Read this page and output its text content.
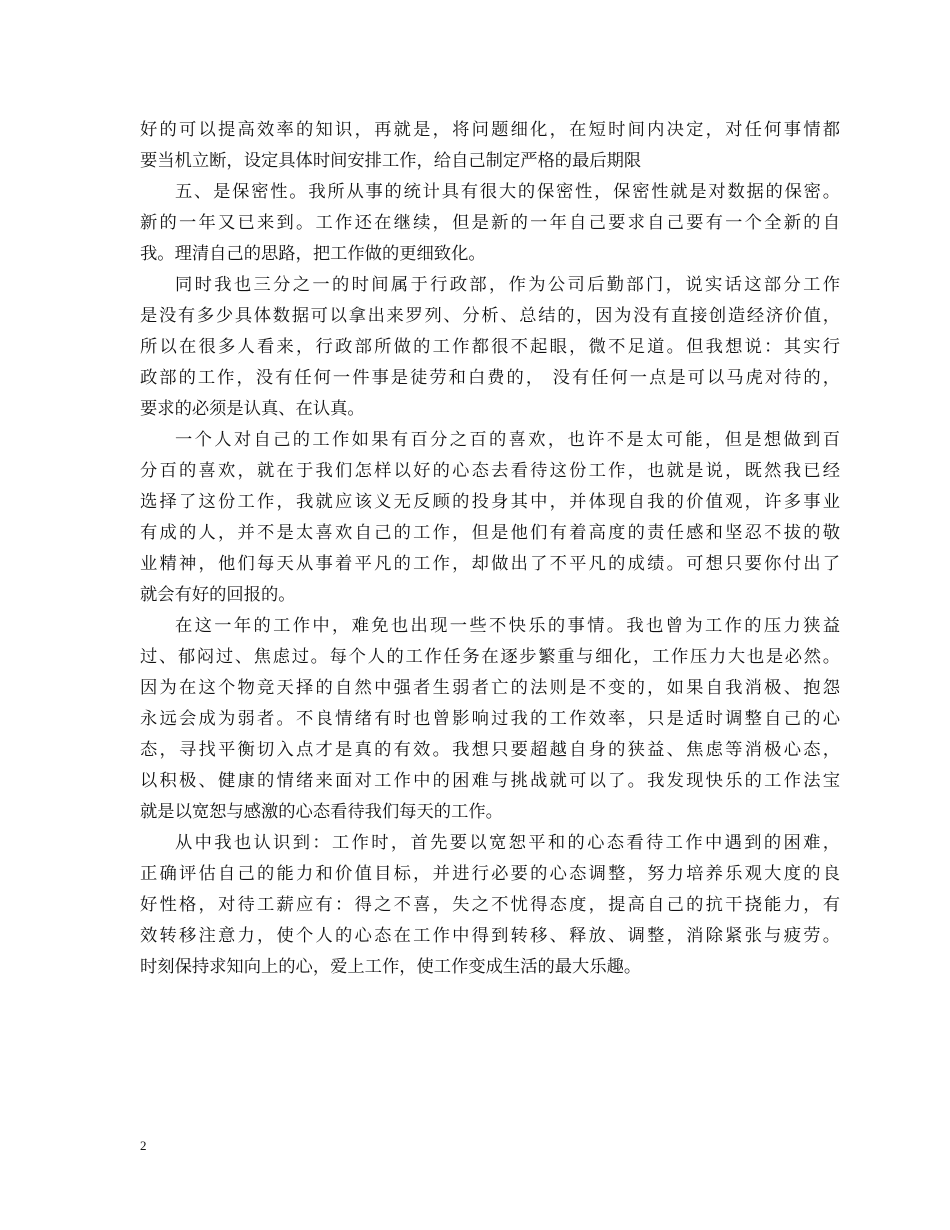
好的可以提高效率的知识，再就是，将问题细化，在短时间内决定，对任何事情都
要当机立断，设定具体时间安排工作，给自己制定严格的最后期限
五、是保密性。我所从事的统计具有很大的保密性，保密性就是对数据的保密。
新的一年又已来到。工作还在继续，但是新的一年自己要求自己要有一个全新的自
我。理清自己的思路，把工作做的更细致化。
同时我也三分之一的时间属于行政部，作为公司后勤部门，说实话这部分工作
是没有多少具体数据可以拿出来罗列、分析、总结的，因为没有直接创造经济价值，
所以在很多人看来，行政部所做的工作都很不起眼，微不足道。但我想说：其实行
政部的工作，没有任何一件事是徒劳和白费的， 没有任何一点是可以马虎对待的，
要求的必须是认真、在认真。
一个人对自己的工作如果有百分之百的喜欢，也许不是太可能，但是想做到百
分百的喜欢，就在于我们怎样以好的心态去看待这份工作，也就是说，既然我已经
选择了这份工作，我就应该义无反顾的投身其中，并体现自我的价值观，许多事业
有成的人，并不是太喜欢自己的工作，但是他们有着高度的责任感和坚忍不拔的敬
业精神，他们每天从事着平凡的工作，却做出了不平凡的成绩。可想只要你付出了
就会有好的回报的。
在这一年的工作中，难免也出现一些不快乐的事情。我也曾为工作的压力狭益
过、郁闷过、焦虑过。每个人的工作任务在逐步繁重与细化，工作压力大也是必然。
因为在这个物竞天择的自然中强者生弱者亡的法则是不变的，如果自我消极、抱怨
永远会成为弱者。不良情绪有时也曾影响过我的工作效率，只是适时调整自己的心
态，寻找平衡切入点才是真的有效。我想只要超越自身的狭益、焦虑等消极心态，
以积极、健康的情绪来面对工作中的困难与挑战就可以了。我发现快乐的工作法宝
就是以宽恕与感激的心态看待我们每天的工作。
从中我也认识到：工作时，首先要以宽恕平和的心态看待工作中遇到的困难，
正确评估自己的能力和价值目标，并进行必要的心态调整，努力培养乐观大度的良
好性格，对待工薪应有：得之不喜，失之不忧得态度，提高自己的抗干挠能力，有
效转移注意力，使个人的心态在工作中得到转移、释放、调整，消除紧张与疲劳。
时刻保持求知向上的心，爱上工作，使工作变成生活的最大乐趣。
2
